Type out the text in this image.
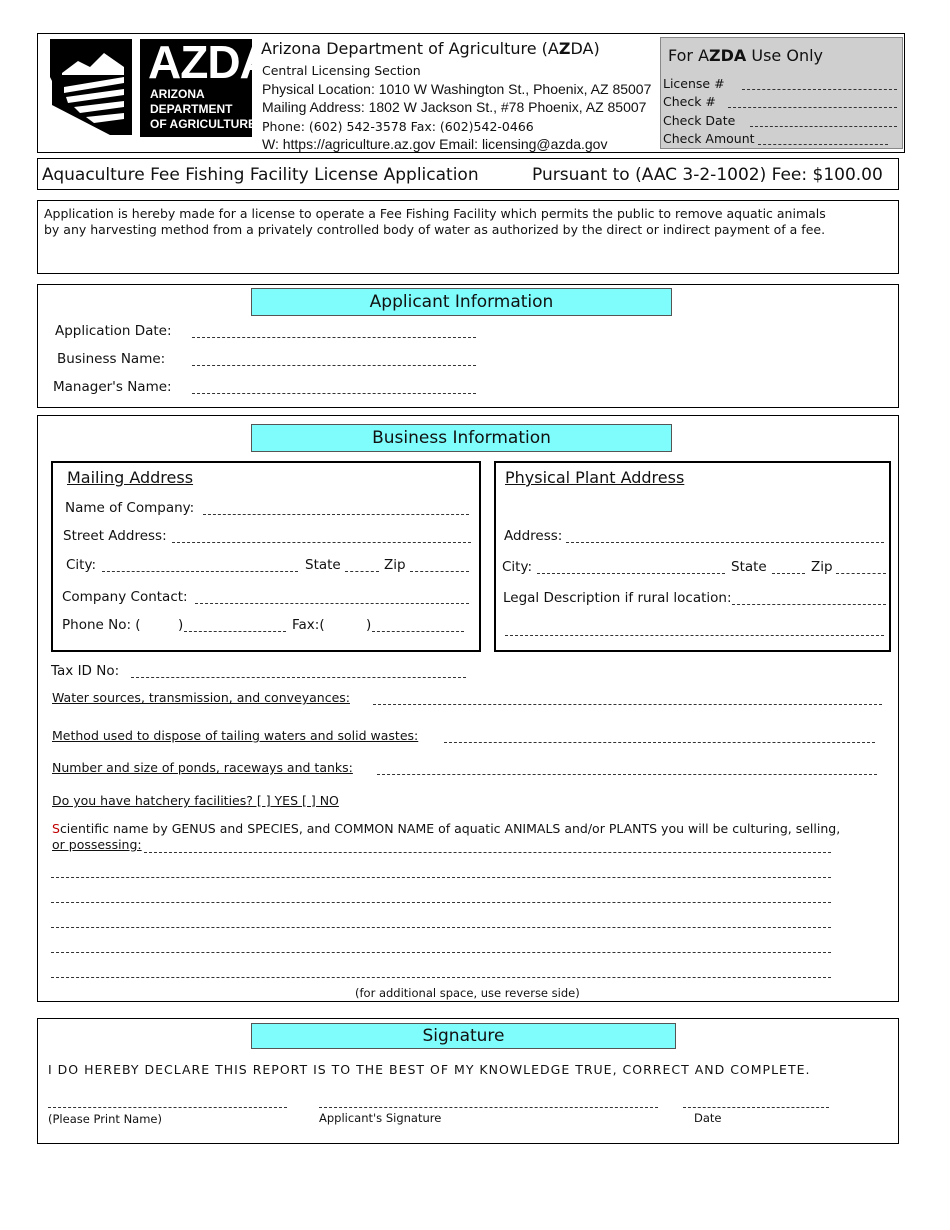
AZDA
ARIZONA
DEPARTMENT
OF AGRICULTURE
Arizona Department of Agriculture (AZDA)
Central Licensing Section
Physical Location: 1010 W Washington St., Phoenix, AZ 85007
Mailing Address: 1802 W Jackson St., #78 Phoenix, AZ 85007
Phone: (602) 542-3578 Fax: (602)542-0466
W: https://agriculture.az.gov Email: licensing@azda.gov
For AZDA Use Only
License #
Check #
Check Date
Check Amount
Aquaculture Fee Fishing Facility License Application	Pursuant to (AAC 3-2-1002) Fee: $100.00
Application is hereby made for a license to operate a Fee Fishing Facility which permits the public to remove aquatic animals by any harvesting method from a privately controlled body of water as authorized by the direct or indirect payment of a fee.
Applicant Information
Application Date:
Business Name:
Manager's Name:
Business Information
Mailing Address
Name of Company:
Street Address:
City:	State	Zip
Company Contact:
Phone No: (	)	Fax:(	)
Physical Plant Address
Address:
City:	State	Zip
Legal Description if rural location:
Tax ID No:
Water sources, transmission, and conveyances:
Method used to dispose of tailing waters and solid wastes:
Number and size of ponds, raceways and tanks:
Do you have hatchery facilities? [ ] YES [ ] NO
Scientific name by GENUS and SPECIES, and COMMON NAME of aquatic ANIMALS and/or PLANTS you will be culturing, selling,
or possessing:
(for additional space, use reverse side)
Signature
I DO HEREBY DECLARE THIS REPORT IS TO THE BEST OF MY KNOWLEDGE TRUE, CORRECT AND COMPLETE.
(Please Print Name)	Applicant's Signature	Date
